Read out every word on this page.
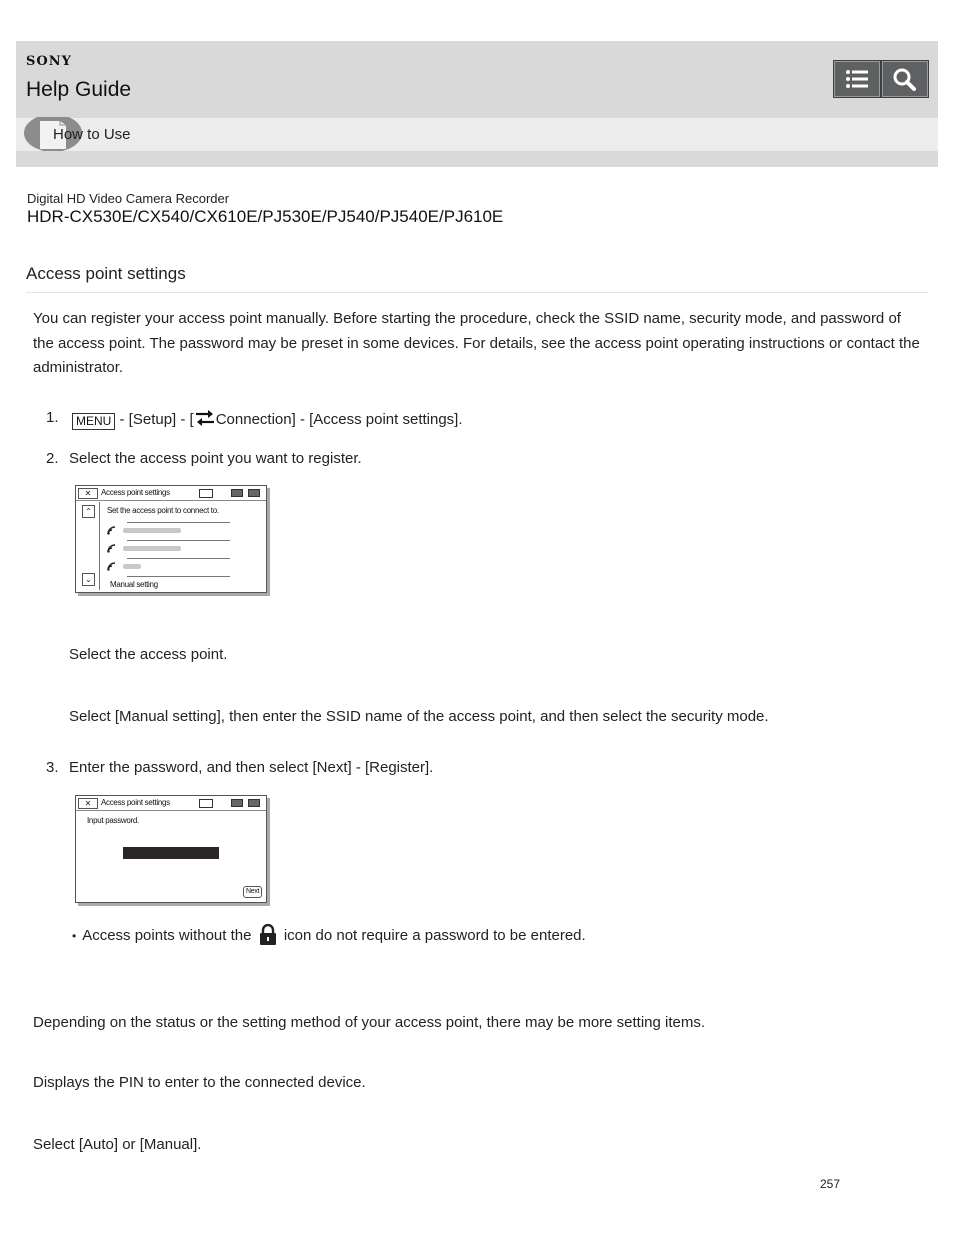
SONY
Help Guide
How to Use
Digital HD Video Camera Recorder
HDR-CX530E/CX540/CX610E/PJ530E/PJ540/PJ540E/PJ610E
Access point settings
You can register your access point manually. Before starting the procedure, check the SSID name, security mode, and password of the access point. The password may be preset in some devices. For details, see the access point operating instructions or contact the administrator.
1.	MENU - [Setup] - [ Connection] - [Access point settings].
2. Select the access point you want to register.
✕	Access point settings
⌃
⌄
Set the access point to connect to.
Manual setting
Select the access point.
Select [Manual setting], then enter the SSID name of the access point, and then select the security mode.
3. Enter the password, and then select [Next] - [Register].
✕	Access point settings
Input password.
Next
• Access points without the icon do not require a password to be entered.
Depending on the status or the setting method of your access point, there may be more setting items.
Displays the PIN to enter to the connected device.
Select [Auto] or [Manual].
257
